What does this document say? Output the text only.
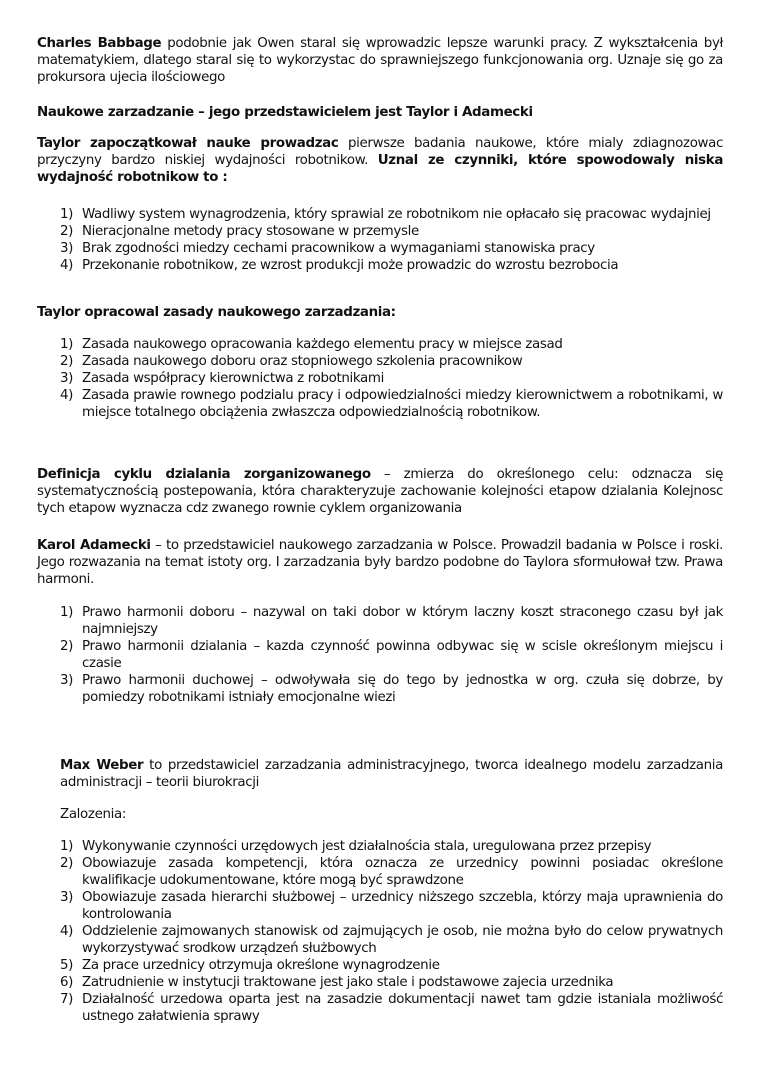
Charles Babbage podobnie jak Owen staral się wprowadzic lepsze warunki pracy. Z wykształcenia był matematykiem, dlatego staral się to wykorzystac do sprawniejszego funkcjonowania org. Uznaje się go za prokursora ujecia ilościowego

Naukowe zarzadzanie – jego przedstawicielem jest Taylor i Adamecki

Taylor zapoczątkował nauke prowadzac pierwsze badania naukowe, które mialy zdiagnozowac przyczyny bardzo niskiej wydajności robotnikow. Uznal ze czynniki, które spowodowaly niska wydajność robotnikow to :

1) Wadliwy system wynagrodzenia, który sprawial ze robotnikom nie opłacało się pracowac wydajniej
2) Nieracjonalne metody pracy stosowane w przemysle
3) Brak zgodności miedzy cechami pracownikow a wymaganiami stanowiska pracy
4) Przekonanie robotnikow, ze wzrost produkcji może prowadzic do wzrostu bezrobocia

Taylor opracowal zasady naukowego zarzadzania:

1) Zasada naukowego opracowania każdego elementu pracy w miejsce zasad
2) Zasada naukowego doboru oraz stopniowego szkolenia pracownikow
3) Zasada współpracy kierownictwa z robotnikami
4) Zasada prawie rownego podzialu pracy i odpowiedzialności miedzy kierownictwem a robotnikami, w miejsce totalnego obciążenia zwłaszcza odpowiedzialnością robotnikow.

Definicja cyklu dzialania zorganizowanego – zmierza do określonego celu: odznacza się systematycznością postepowania, która charakteryzuje zachowanie kolejności etapow dzialania Kolejnosc tych etapow wyznacza cdz zwanego rownie cyklem organizowania

Karol Adamecki – to przedstawiciel naukowego zarzadzania w Polsce. Prowadzil badania w Polsce i roski. Jego rozwazania na temat istoty org. I zarzadzania były bardzo podobne do Taylora sformułował tzw. Prawa harmoni.

1) Prawo harmonii doboru – nazywal on taki dobor w którym laczny koszt straconego czasu był jak najmniejszy
2) Prawo harmonii dzialania – kazda czynność powinna odbywac się w scisle określonym miejscu i czasie
3) Prawo harmonii duchowej – odwoływała się do tego by jednostka w org. czuła się dobrze, by pomiedzy robotnikami istniały emocjonalne wiezi

Max Weber to przedstawiciel zarzadzania administracyjnego, tworca idealnego modelu zarzadzania administracji – teorii biurokracji

Zalozenia:

1) Wykonywanie czynności urzędowych jest działalnościa stala, uregulowana przez przepisy
2) Obowiazuje zasada kompetencji, która oznacza ze urzednicy powinni posiadac określone kwalifikacje udokumentowane, które mogą być sprawdzone
3) Obowiazuje zasada hierarchi służbowej – urzednicy niższego szczebla, którzy maja uprawnienia do kontrolowania
4) Oddzielenie zajmowanych stanowisk od zajmujących je osob, nie można było do celow prywatnych wykorzystywać srodkow urządzeń służbowych
5) Za prace urzednicy otrzymuja określone wynagrodzenie
6) Zatrudnienie w instytucji traktowane jest jako stale i podstawowe zajecia urzednika
7) Działalność urzedowa oparta jest na zasadzie dokumentacji nawet tam gdzie istaniala możliwość ustnego załatwienia sprawy
